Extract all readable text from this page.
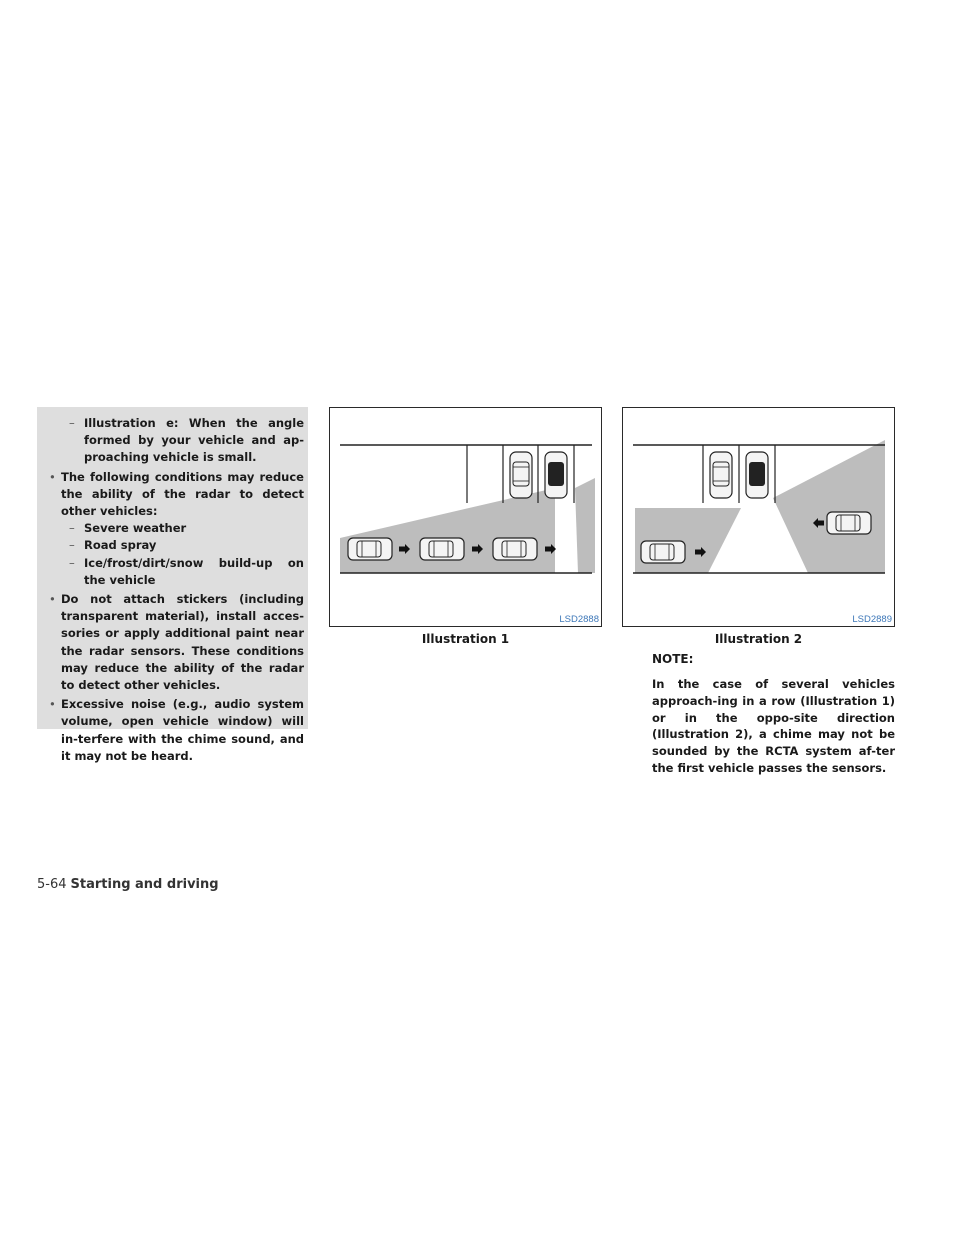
– Illustration e: When the angle formed by your vehicle and ap-proaching vehicle is small.
• The following conditions may reduce the ability of the radar to detect other vehicles:
– Severe weather
– Road spray
– Ice/frost/dirt/snow build-up on the vehicle
• Do not attach stickers (including transparent material), install acces-sories or apply additional paint near the radar sensors. These conditions may reduce the ability of the radar to detect other vehicles.
• Excessive noise (e.g., audio system volume, open vehicle window) will in-terfere with the chime sound, and it may not be heard.
LSD2888
Illustration 1
LSD2889
Illustration 2
NOTE:
In the case of several vehicles approach-ing in a row (Illustration 1) or in the oppo-site direction (Illustration 2), a chime may not be sounded by the RCTA system af-ter the first vehicle passes the sensors.
5-64 Starting and driving
